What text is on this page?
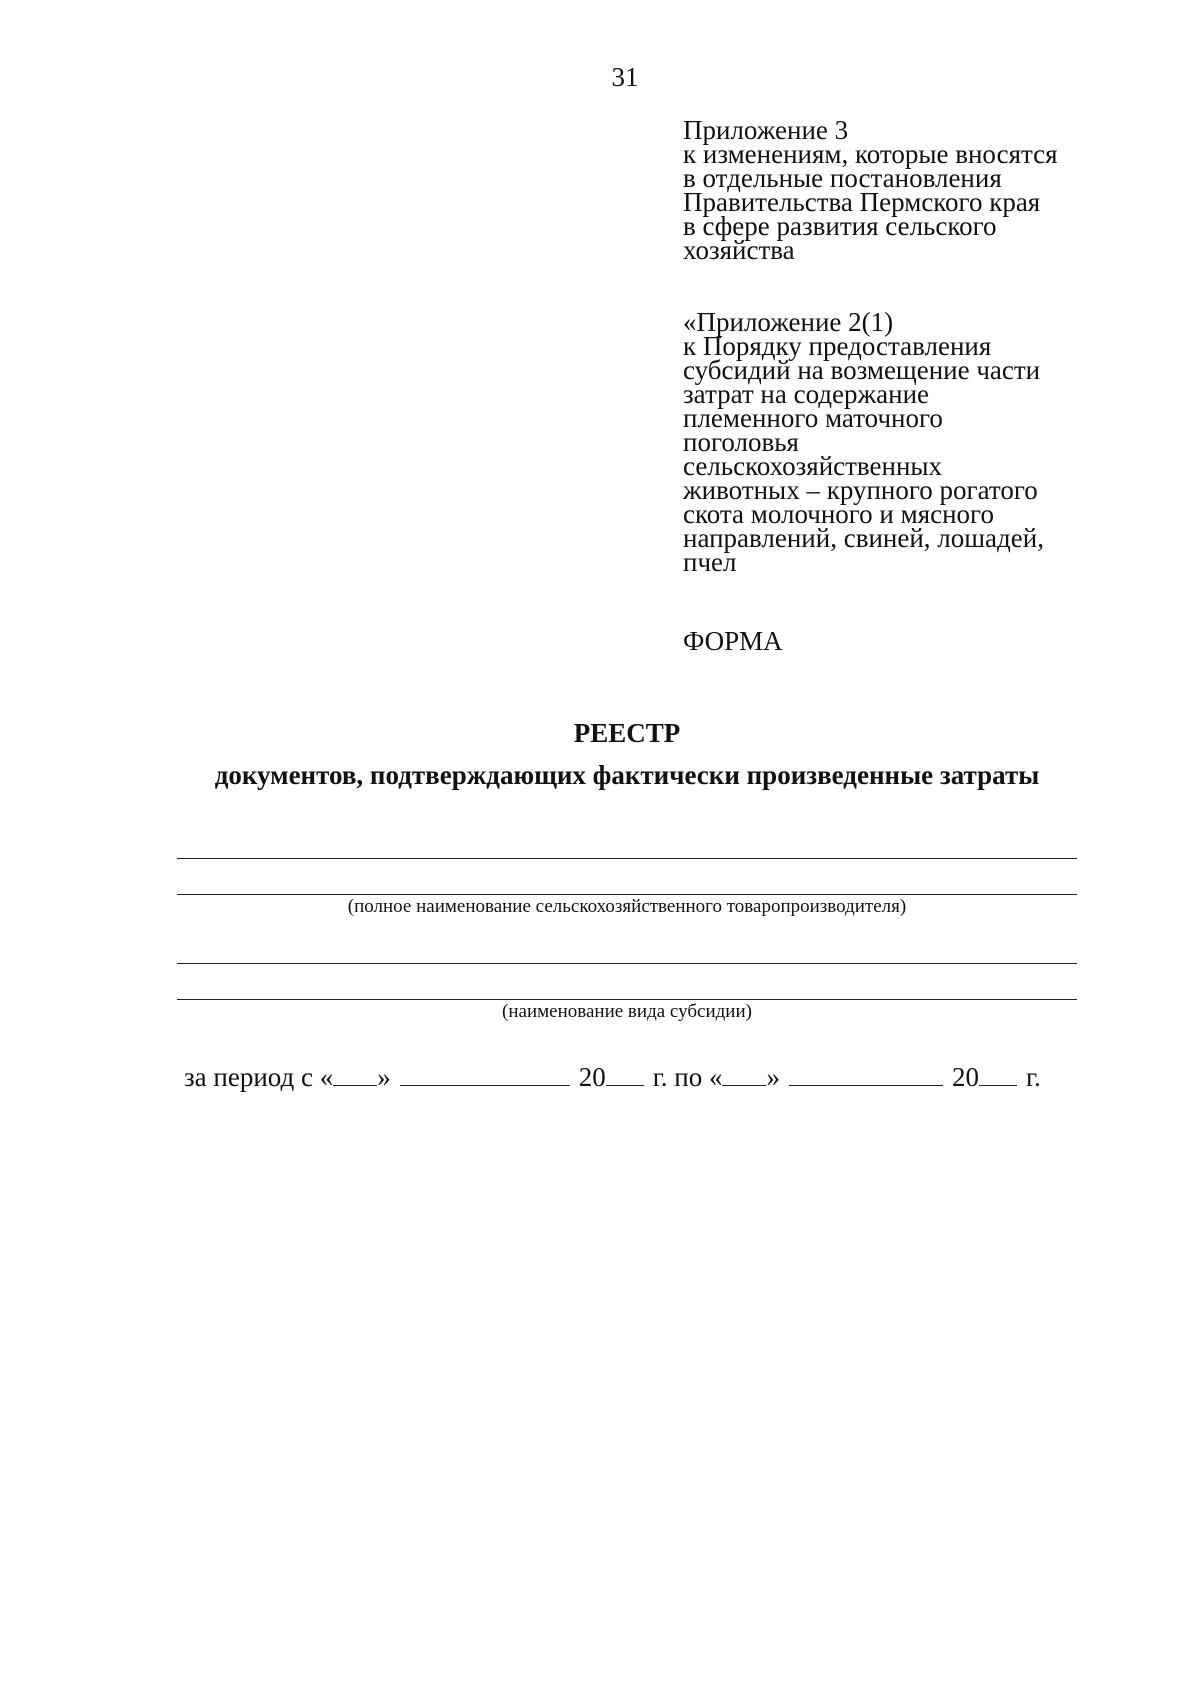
31
Приложение 3
к изменениям, которые вносятся
в отдельные постановления
Правительства Пермского края
в сфере развития сельского
хозяйства
«Приложение 2(1)
к Порядку предоставления
субсидий на возмещение части
затрат на содержание
племенного маточного
поголовья
сельскохозяйственных
животных – крупного рогатого
скота молочного и мясного
направлений, свиней, лошадей,
пчел
ФОРМА
РЕЕСТР
документов, подтверждающих фактически произведенные затраты
(полное наименование сельскохозяйственного товаропроизводителя)
(наименование вида субсидии)
за период с « »	20 г. по « »	20 г.
